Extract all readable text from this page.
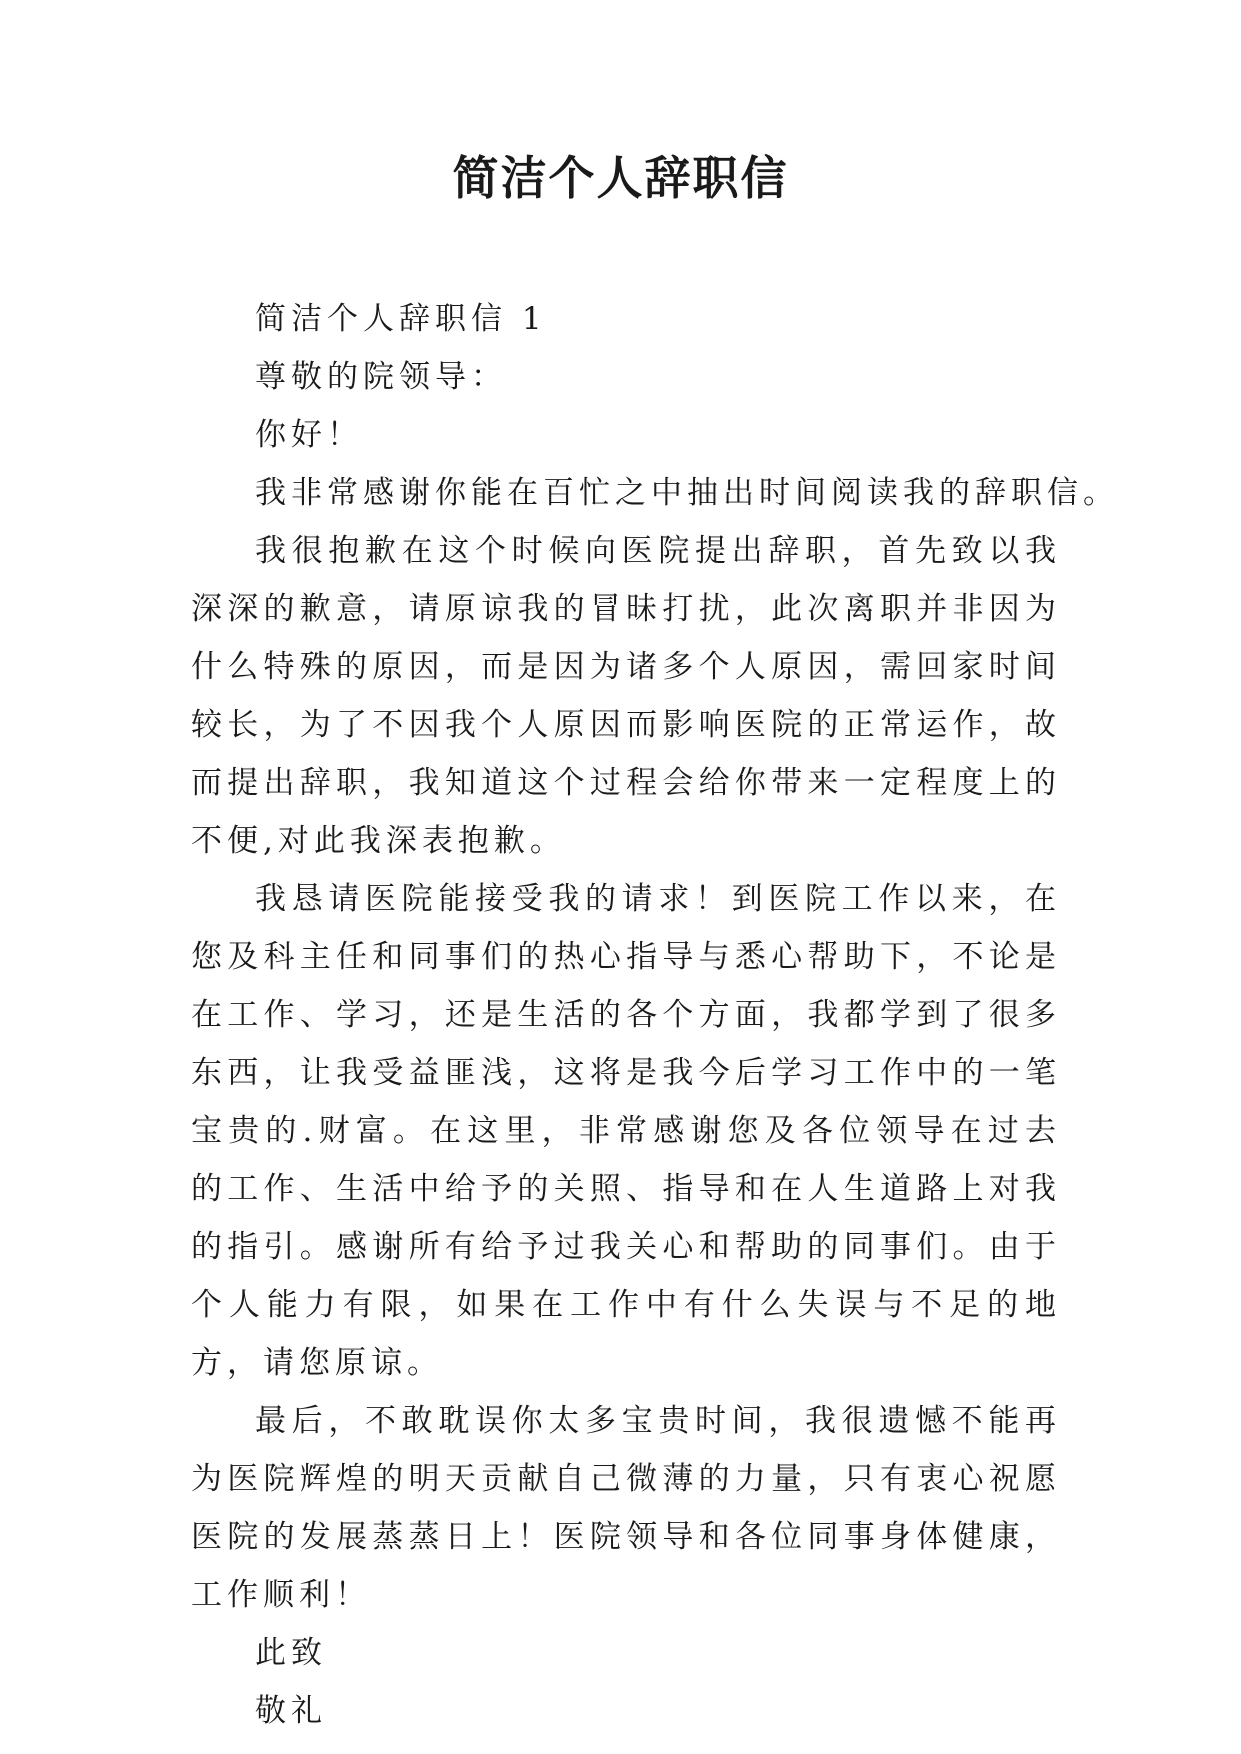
简洁个人辞职信

简洁个人辞职信 1

尊敬的院领导：

你好！

我非常感谢你能在百忙之中抽出时间阅读我的辞职信。

我很抱歉在这个时候向医院提出辞职，首先致以我深深的歉意，请原谅我的冒昧打扰，此次离职并非因为什么特殊的原因，而是因为诸多个人原因，需回家时间较长，为了不因我个人原因而影响医院的正常运作，故而提出辞职，我知道这个过程会给你带来一定程度上的不便,对此我深表抱歉。

我恳请医院能接受我的请求！到医院工作以来，在您及科主任和同事们的热心指导与悉心帮助下，不论是在工作、学习，还是生活的各个方面，我都学到了很多东西，让我受益匪浅，这将是我今后学习工作中的一笔宝贵的.财富。在这里，非常感谢您及各位领导在过去的工作、生活中给予的关照、指导和在人生道路上对我的指引。感谢所有给予过我关心和帮助的同事们。由于个人能力有限，如果在工作中有什么失误与不足的地方，请您原谅。

最后，不敢耽误你太多宝贵时间，我很遗憾不能再为医院辉煌的明天贡献自己微薄的力量，只有衷心祝愿医院的发展蒸蒸日上！医院领导和各位同事身体健康，工作顺利！

此致

敬礼
